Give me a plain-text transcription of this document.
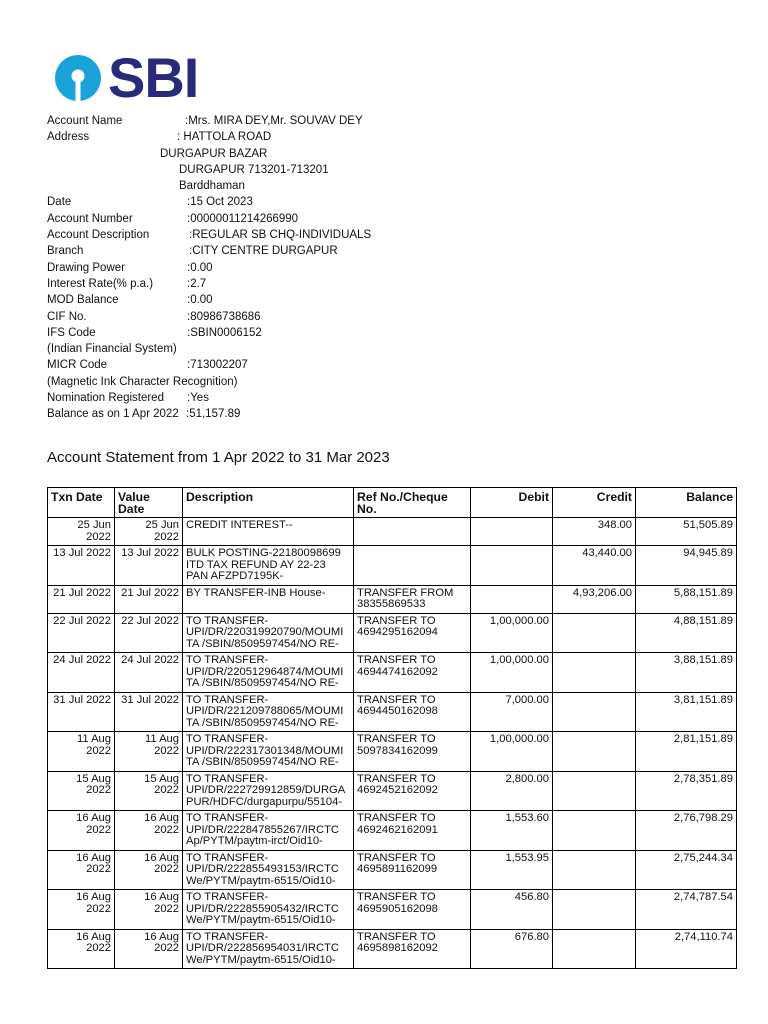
SBI
Account Name	:Mrs. MIRA DEY,Mr. SOUVAV DEY
Address	: HATTOLA ROAD
DURGAPUR BAZAR
DURGAPUR 713201-713201
Barddhaman
Date	:15 Oct 2023
Account Number	:00000011214266990
Account Description	:REGULAR SB CHQ-INDIVIDUALS
Branch	:CITY CENTRE DURGAPUR
Drawing Power	:0.00
Interest Rate(% p.a.)	:2.7
MOD Balance	:0.00
CIF No.	:80986738686
IFS Code	:SBIN0006152
(Indian Financial System)
MICR Code	:713002207
(Magnetic Ink Character Recognition)
Nomination Registered :Yes
Balance as on 1 Apr 2022 :51,157.89
Account Statement from 1 Apr 2022 to 31 Mar 2023
Txn Date	Value Date	Description	Ref No./Cheque No.	Debit	Credit	Balance

25 Jun 2022	25 Jun 2022	CREDIT INTEREST--			348.00	51,505.89

13 Jul 2022	13 Jul 2022	BULK POSTING-22180098699 ITD TAX REFUND AY 22-23 PAN AFZPD7195K-			43,440.00	94,945.89

21 Jul 2022	21 Jul 2022	BY TRANSFER-INB House-	TRANSFER FROM 38355869533		4,93,206.00	5,88,151.89

22 Jul 2022	22 Jul 2022	TO TRANSFER- UPI/DR/220319920790/MOUMI TA /SBIN/8509597454/NO RE-	TRANSFER TO 4694295162094	1,00,000.00		4,88,151.89

24 Jul 2022	24 Jul 2022	TO TRANSFER- UPI/DR/220512964874/MOUMI TA /SBIN/8509597454/NO RE-	TRANSFER TO 4694474162092	1,00,000.00		3,88,151.89

31 Jul 2022	31 Jul 2022	TO TRANSFER- UPI/DR/221209788065/MOUMI TA /SBIN/8509597454/NO RE-	TRANSFER TO 4694450162098	7,000.00		3,81,151.89

11 Aug 2022	11 Aug 2022	TO TRANSFER- UPI/DR/222317301348/MOUMI TA /SBIN/8509597454/NO RE-	TRANSFER TO 5097834162099	1,00,000.00		2,81,151.89

15 Aug 2022	15 Aug 2022	TO TRANSFER- UPI/DR/222729912859/DURGA PUR/HDFC/durgapurpu/55104-	TRANSFER TO 4692452162092	2,800.00		2,78,351.89

16 Aug 2022	16 Aug 2022	TO TRANSFER- UPI/DR/222847855267/IRCTC Ap/PYTM/paytm-irct/Oid10-	TRANSFER TO 4692462162091	1,553.60		2,76,798.29

16 Aug 2022	16 Aug 2022	TO TRANSFER- UPI/DR/222855493153/IRCTC We/PYTM/paytm-6515/Oid10-	TRANSFER TO 4695891162099	1,553.95		2,75,244.34

16 Aug 2022	16 Aug 2022	TO TRANSFER- UPI/DR/222855905432/IRCTC We/PYTM/paytm-6515/Oid10-	TRANSFER TO 4695905162098	456.80		2,74,787.54

16 Aug 2022	16 Aug 2022	TO TRANSFER- UPI/DR/222856954031/IRCTC We/PYTM/paytm-6515/Oid10-	TRANSFER TO 4695898162092	676.80		2,74,110.74
